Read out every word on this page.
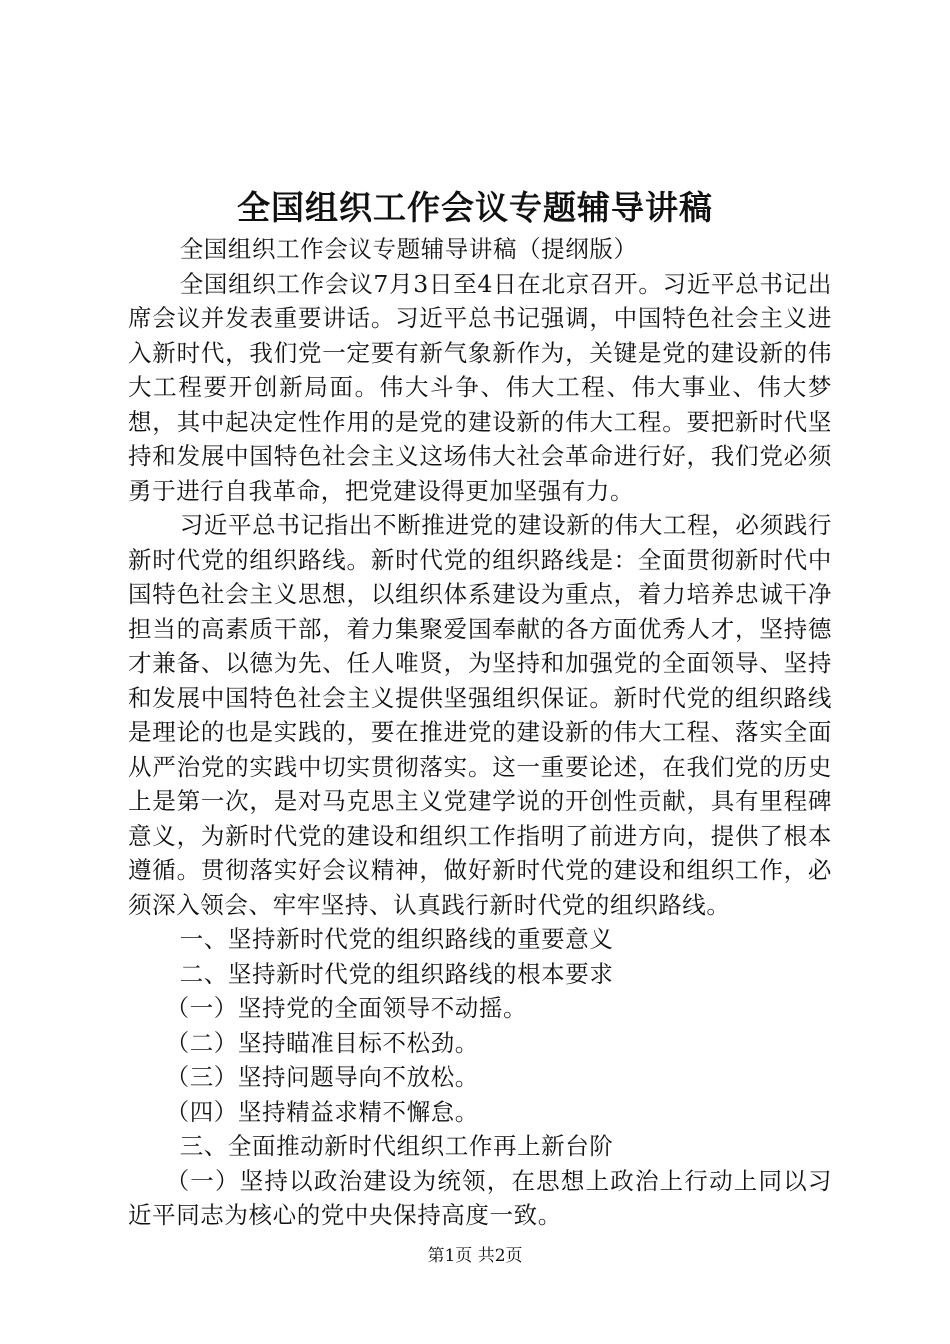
全国组织工作会议专题辅导讲稿

全国组织工作会议专题辅导讲稿（提纲版）

全国组织工作会议7月3日至4日在北京召开。习近平总书记出席会议并发表重要讲话。习近平总书记强调，中国特色社会主义进入新时代，我们党一定要有新气象新作为，关键是党的建设新的伟大工程要开创新局面。伟大斗争、伟大工程、伟大事业、伟大梦想，其中起决定性作用的是党的建设新的伟大工程。要把新时代坚持和发展中国特色社会主义这场伟大社会革命进行好，我们党必须勇于进行自我革命，把党建设得更加坚强有力。

习近平总书记指出不断推进党的建设新的伟大工程，必须践行新时代党的组织路线。新时代党的组织路线是：全面贯彻新时代中国特色社会主义思想，以组织体系建设为重点，着力培养忠诚干净担当的高素质干部，着力集聚爱国奉献的各方面优秀人才，坚持德才兼备、以德为先、任人唯贤，为坚持和加强党的全面领导、坚持和发展中国特色社会主义提供坚强组织保证。新时代党的组织路线是理论的也是实践的，要在推进党的建设新的伟大工程、落实全面从严治党的实践中切实贯彻落实。这一重要论述，在我们党的历史上是第一次，是对马克思主义党建学说的开创性贡献，具有里程碑意义，为新时代党的建设和组织工作指明了前进方向，提供了根本遵循。贯彻落实好会议精神，做好新时代党的建设和组织工作，必须深入领会、牢牢坚持、认真践行新时代党的组织路线。

一、坚持新时代党的组织路线的重要意义

二、坚持新时代党的组织路线的根本要求

（一）坚持党的全面领导不动摇。

（二）坚持瞄准目标不松劲。

（三）坚持问题导向不放松。

（四）坚持精益求精不懈怠。

三、全面推动新时代组织工作再上新台阶

（一）坚持以政治建设为统领，在思想上政治上行动上同以习近平同志为核心的党中央保持高度一致。

第1页 共2页
